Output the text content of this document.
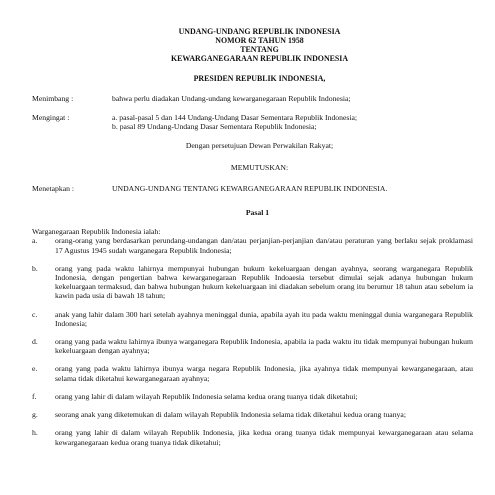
UNDANG-UNDANG REPUBLIK INDONESIA
NOMOR 62 TAHUN 1958
TENTANG
KEWARGANEGARAAN REPUBLIK INDONESIA
PRESIDEN REPUBLIK INDONESIA,
Menimbang :	bahwa perlu diadakan Undang-undang kewarganegaraan Republik Indonesia;
Mengingat :	a. pasal-pasal 5 dan 144 Undang-Undang Dasar Sementara Republik Indonesia;
b. pasal 89 Undang-Undang Dasar Sementara Republik Indonesia;
Dengan persetujuan Dewan Perwakilan Rakyat;
MEMUTUSKAN:
Menetapkan :	UNDANG-UNDANG TENTANG KEWARGANEGARAAN REPUBLIK INDONESIA.
Pasal 1
Warganegaraan Republik Indonesia ialah:
a.	orang-orang yang berdasarkan perundang-undangan dan/atau perjanjian-perjanjian dan/atau peraturan yang berlaku sejak proklamasi 17 Agustus 1945 sudah warganegara Republik Indonesia;
b.	orang yang pada waktu lahirnya mempunyai hubungan hukum kekeluargaan dengan ayahnya, seorang warganegara Republik Indonesia, dengan pengertian bahwa kewarganegaraan Republik Indoaesia tersebut dimulai sejak adanya hubungan hukum kekeluargaan termaksud, dan bahwa hubungan hukum kekeluargaan ini diadakan sebelum orang itu berumur 18 tahun atau sebelum ia kawin pada usia di bawah 18 tahun;
c.	anak yang lahir dalam 300 hari setelah ayahnya meninggal dunia, apabila ayah itu pada waktu meninggal dunia warganegara Republik Indonesia;
d.	orang yang pada waktu lahirnya ibunya warganegara Republik Indonesia, apabila ia pada waktu itu tidak mempunyai hubungan hukum kekeluargaan dengan ayahnya;
e.	orang yang pada waktu lahirnya ibunya warga negara Republik Indonesia, jika ayahnya tidak mempunyai kewarganegaraan, atau selama tidak diketahui kewarganegaraan ayahnya;
f.	orang yang lahir di dalam wilayah Republik Indonesia selama kedua orang tuanya tidak diketahui;
g.	seorang anak yang diketemukan di dalam wilayah Republik Indonesia selama tidak diketahui kedua orang tuanya;
h.	orang yang lahir di dalam wilayah Republik Indonesia, jika kedua orang tuanya tidak mempunyai kewarganegaraan atau selama kewarganegaraan kedua orang tuanya tidak diketahui;
